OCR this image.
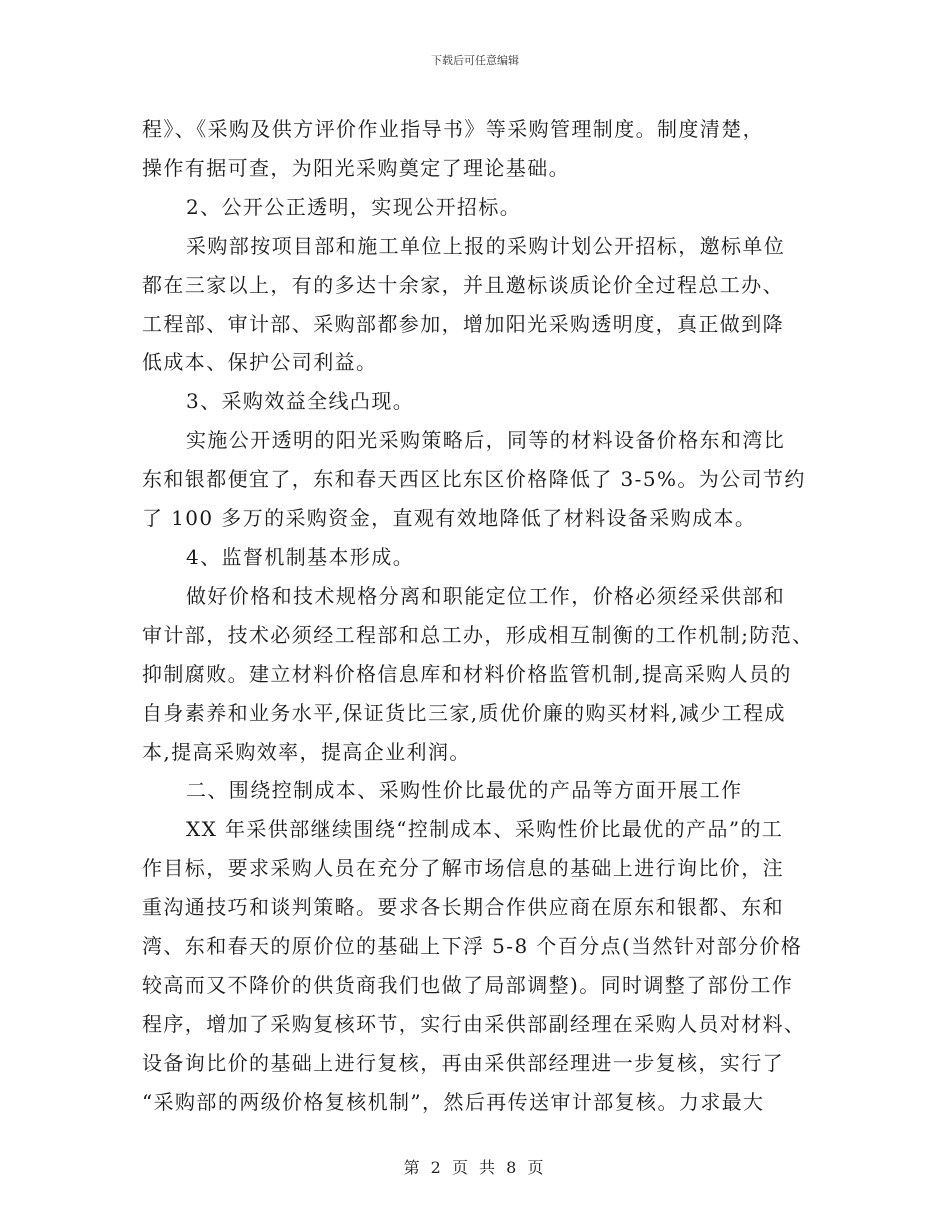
下载后可任意编辑
程》、《采购及供方评价作业指导书》等采购管理制度。制度清楚，
操作有据可查，为阳光采购奠定了理论基础。
2、公开公正透明，实现公开招标。
采购部按项目部和施工单位上报的采购计划公开招标，邀标单位
都在三家以上，有的多达十余家，并且邀标谈质论价全过程总工办、
工程部、审计部、采购部都参加，增加阳光采购透明度，真正做到降
低成本、保护公司利益。
3、采购效益全线凸现。
实施公开透明的阳光采购策略后，同等的材料设备价格东和湾比
东和银都便宜了，东和春天西区比东区价格降低了 3-5%。为公司节约
了 100 多万的采购资金，直观有效地降低了材料设备采购成本。
4、监督机制基本形成。
做好价格和技术规格分离和职能定位工作，价格必须经采供部和
审计部，技术必须经工程部和总工办，形成相互制衡的工作机制;防范、
抑制腐败。建立材料价格信息库和材料价格监管机制,提高采购人员的
自身素养和业务水平,保证货比三家,质优价廉的购买材料,减少工程成
本,提高采购效率，提高企业利润。
二、围绕控制成本、采购性价比最优的产品等方面开展工作
XX 年采供部继续围绕“控制成本、采购性价比最优的产品”的工
作目标，要求采购人员在充分了解市场信息的基础上进行询比价，注
重沟通技巧和谈判策略。要求各长期合作供应商在原东和银都、东和
湾、东和春天的原价位的基础上下浮 5-8 个百分点(当然针对部分价格
较高而又不降价的供货商我们也做了局部调整)。同时调整了部份工作
程序，增加了采购复核环节，实行由采供部副经理在采购人员对材料、
设备询比价的基础上进行复核，再由采供部经理进一步复核，实行了
“采购部的两级价格复核机制”，然后再传送审计部复核。力求最大
第 2 页 共 8 页
